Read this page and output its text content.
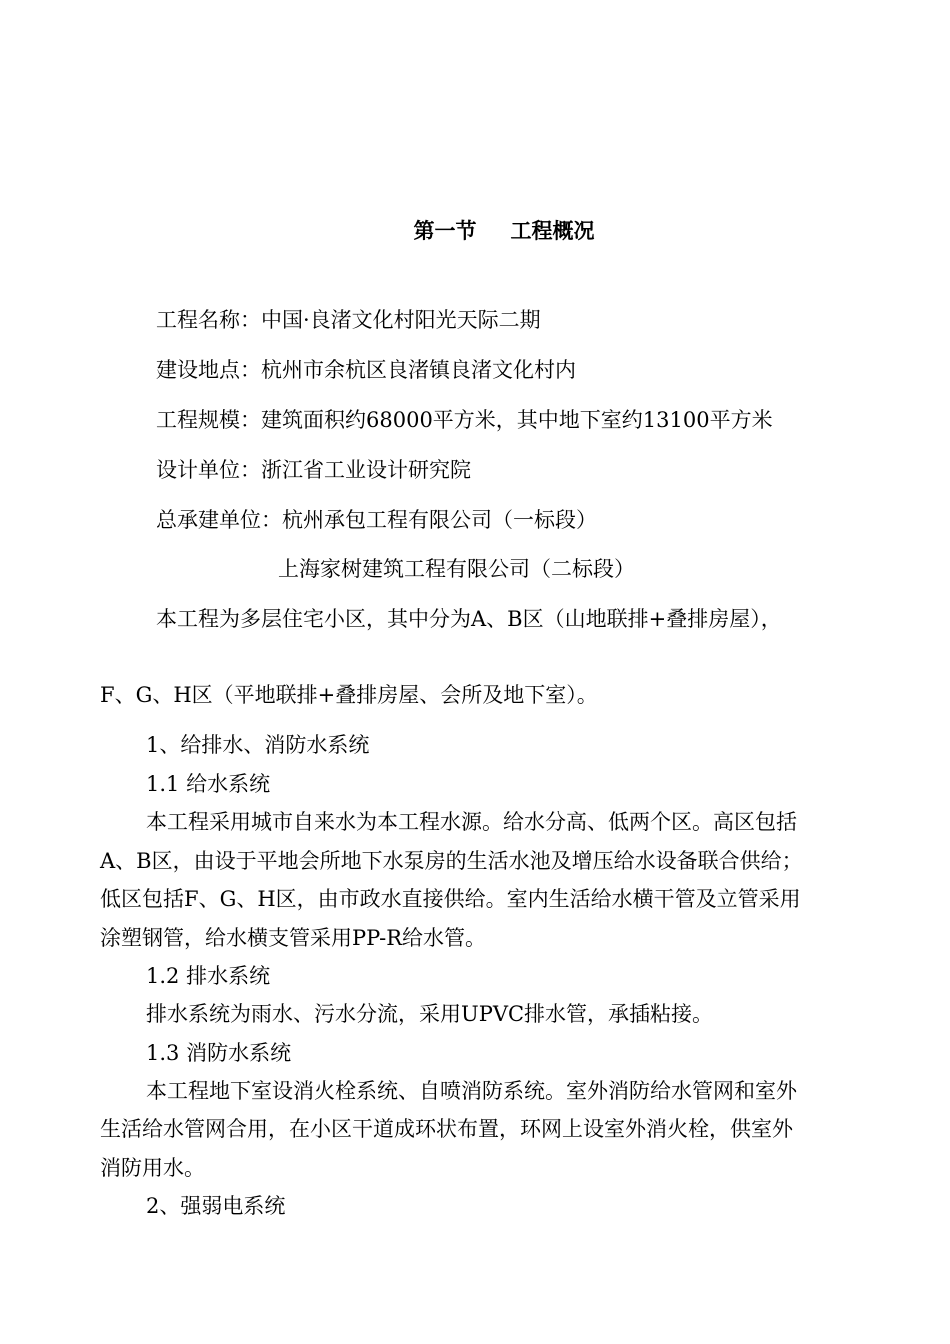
第一节 工程概况
工程名称：中国·良渚文化村阳光天际二期
建设地点：杭州市余杭区良渚镇良渚文化村内
工程规模：建筑面积约68000平方米，其中地下室约13100平方米
设计单位：浙江省工业设计研究院
总承建单位：杭州承包工程有限公司（一标段）
上海家树建筑工程有限公司（二标段）
本工程为多层住宅小区，其中分为A、B区（山地联排+叠排房屋），
F、G、H区（平地联排+叠排房屋、会所及地下室）。
1、给排水、消防水系统
1.1 给水系统
本工程采用城市自来水为本工程水源。给水分高、低两个区。高区包括
A、B区，由设于平地会所地下水泵房的生活水池及增压给水设备联合供给；
低区包括F、G、H区，由市政水直接供给。室内生活给水横干管及立管采用
涂塑钢管，给水横支管采用PP-R给水管。
1.2 排水系统
排水系统为雨水、污水分流，采用UPVC排水管，承插粘接。
1.3 消防水系统
本工程地下室设消火栓系统、自喷消防系统。室外消防给水管网和室外
生活给水管网合用，在小区干道成环状布置，环网上设室外消火栓，供室外
消防用水。
2、强弱电系统
